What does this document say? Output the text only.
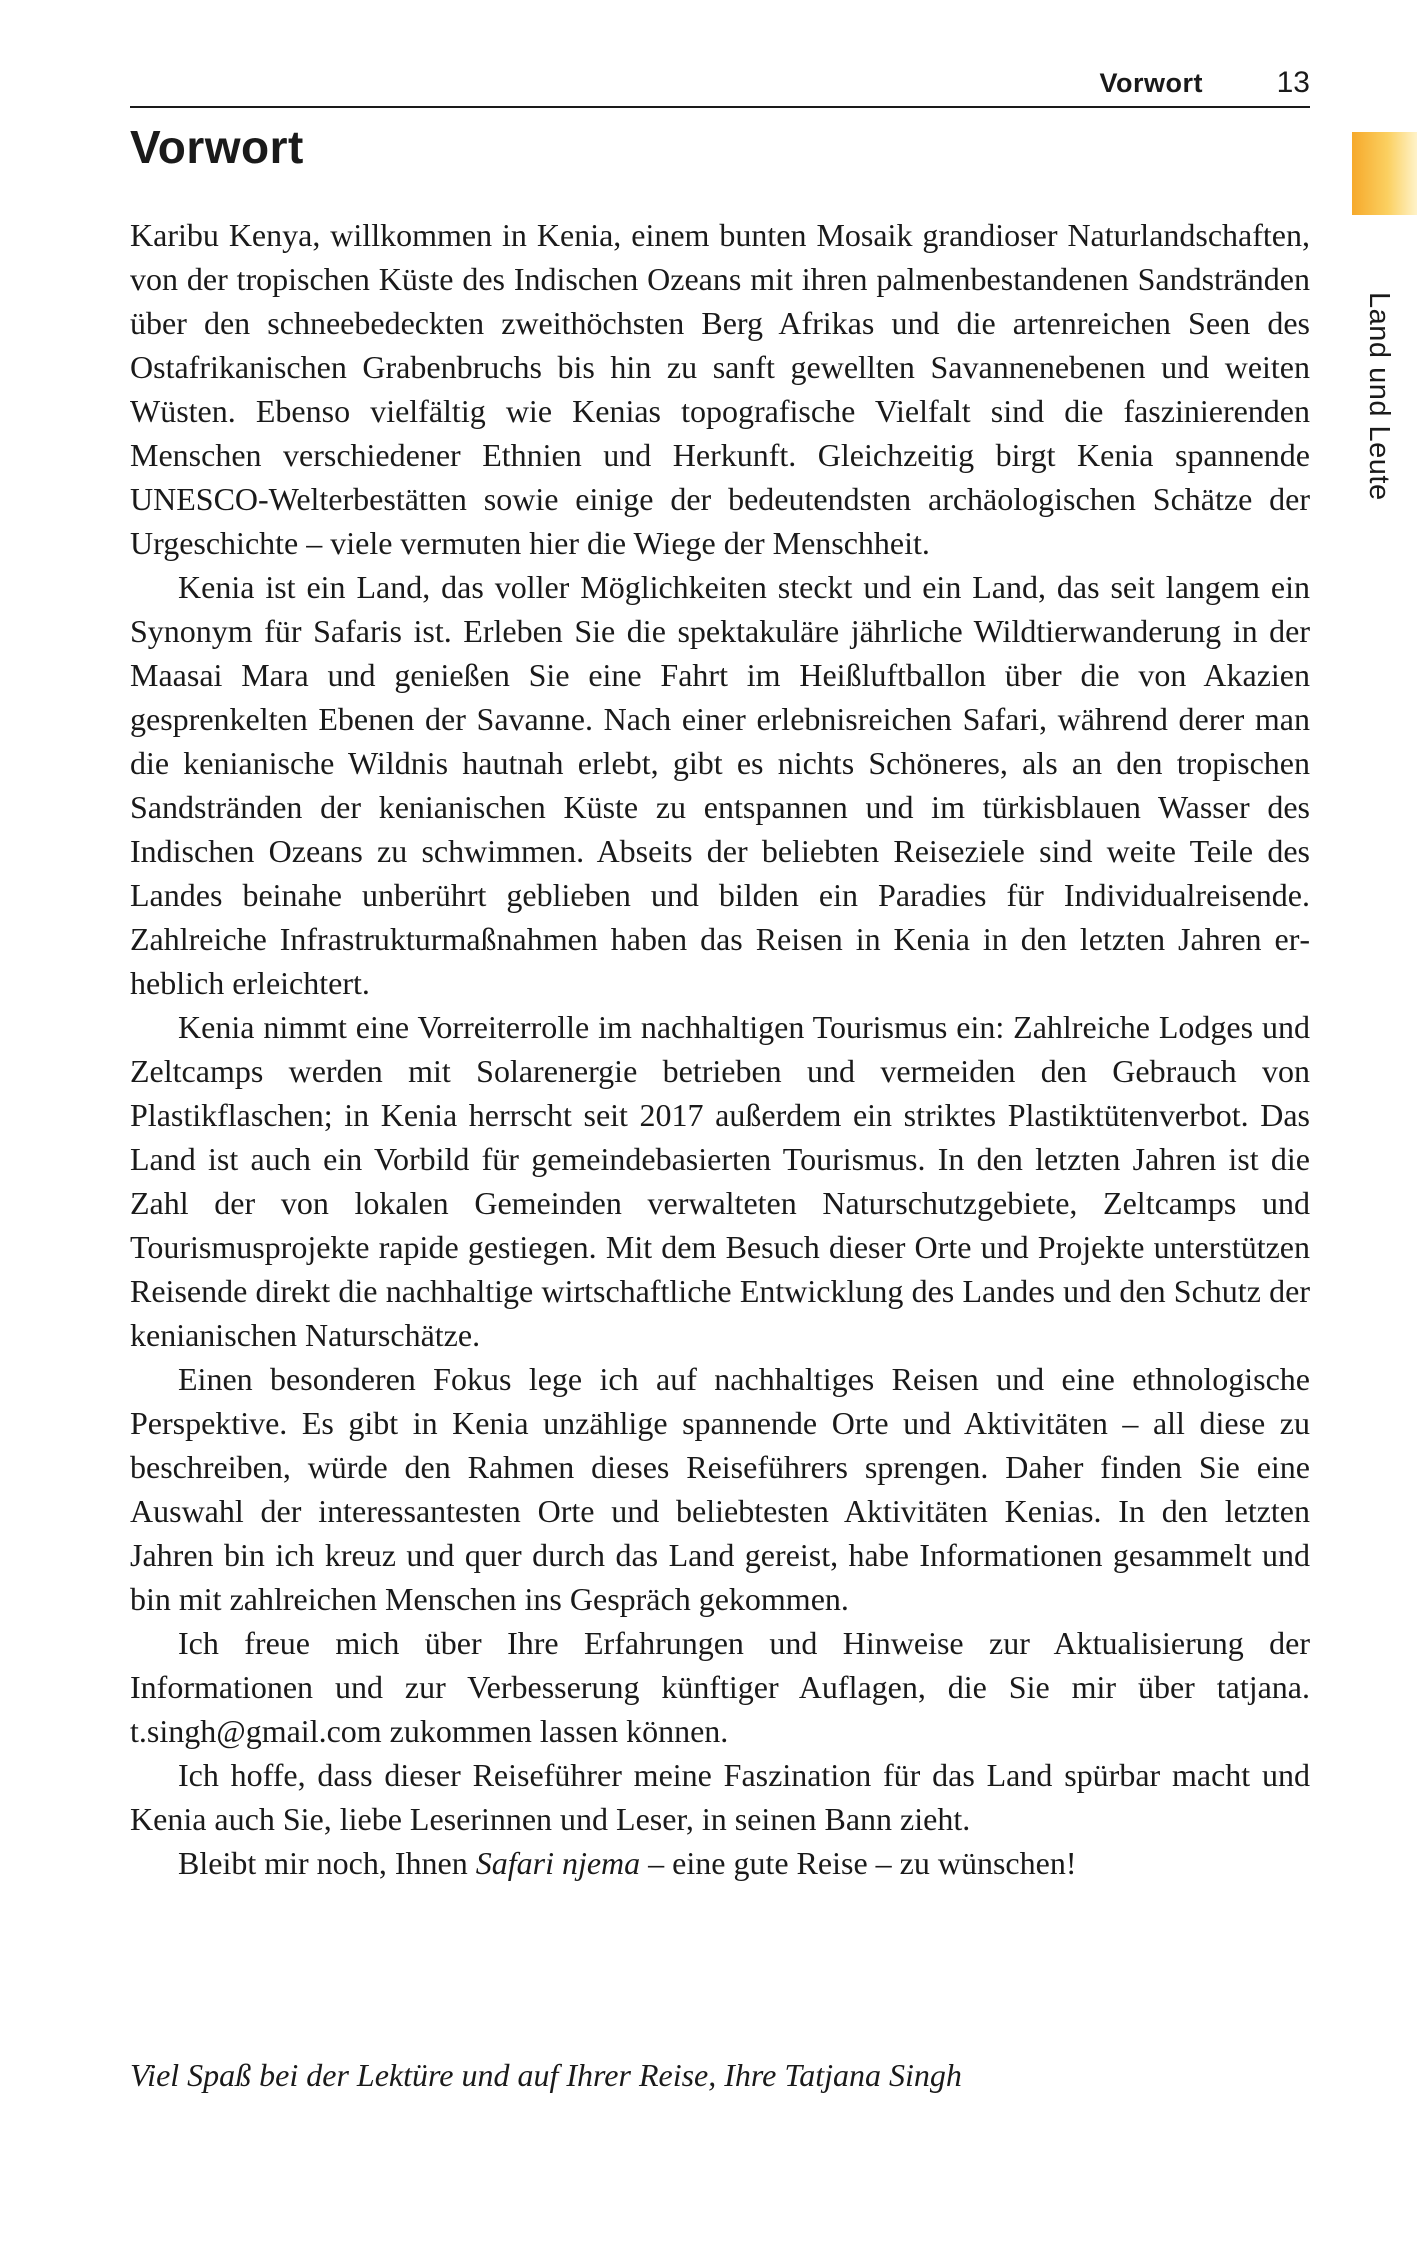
Vorwort 13
Land und Leute
Vorwort

Karibu Kenya, willkommen in Kenia, einem bunten Mosaik grandioser Naturlandschaften, von der tropischen Küste des Indischen Ozeans mit ihren palmenbestandenen Sandstränden über den schneebedeckten zweithöchsten Berg Afrikas und die artenreichen Seen des Ostafrikanischen Grabenbruchs bis hin zu sanft gewellten Savannenebenen und weiten Wüsten. Ebenso vielfältig wie Kenias topografische Vielfalt sind die faszinierenden Menschen verschiedener Ethnien und Herkunft. Gleichzeitig birgt Kenia spannende UNESCO-Welterbestätten sowie einige der bedeutendsten archäologischen Schätze der Urgeschichte – viele vermuten hier die Wiege der Menschheit.

Kenia ist ein Land, das voller Möglichkeiten steckt und ein Land, das seit langem ein Synonym für Safaris ist. Erleben Sie die spektakuläre jährliche Wildtierwanderung in der Maasai Mara und genießen Sie eine Fahrt im Heißluftballon über die von Akazien gesprenkelten Ebenen der Savanne. Nach einer erlebnisreichen Safari, während derer man die kenianische Wildnis hautnah erlebt, gibt es nichts Schöneres, als an den tropischen Sandstränden der kenianischen Küste zu entspannen und im türkisblauen Wasser des Indischen Ozeans zu schwimmen. Abseits der beliebten Reiseziele sind weite Teile des Landes beinahe unberührt geblieben und bilden ein Paradies für Individualreisende. Zahlreiche Infrastrukturmaßnahmen haben das Reisen in Kenia in den letzten Jahren erheblich erleichtert.

Kenia nimmt eine Vorreiterrolle im nachhaltigen Tourismus ein: Zahlreiche Lodges und Zeltcamps werden mit Solarenergie betrieben und vermeiden den Gebrauch von Plastikflaschen; in Kenia herrscht seit 2017 außerdem ein striktes Plastiktütenverbot. Das Land ist auch ein Vorbild für gemeindebasierten Tourismus. In den letzten Jahren ist die Zahl der von lokalen Gemeinden verwalteten Naturschutzgebiete, Zeltcamps und Tourismusprojekte rapide gestiegen. Mit dem Besuch dieser Orte und Projekte unterstützen Reisende direkt die nachhaltige wirtschaftliche Entwicklung des Landes und den Schutz der kenianischen Naturschätze.

Einen besonderen Fokus lege ich auf nachhaltiges Reisen und eine ethnologische Perspektive. Es gibt in Kenia unzählige spannende Orte und Aktivitäten – all diese zu beschreiben, würde den Rahmen dieses Reiseführers sprengen. Daher finden Sie eine Auswahl der interessantesten Orte und beliebtesten Aktivitäten Kenias. In den letzten Jahren bin ich kreuz und quer durch das Land gereist, habe Informationen gesammelt und bin mit zahlreichen Menschen ins Gespräch gekommen.

Ich freue mich über Ihre Erfahrungen und Hinweise zur Aktualisierung der Informationen und zur Verbesserung künftiger Auflagen, die Sie mir über tatjana.​t.singh@gmail.com zukommen lassen können.

Ich hoffe, dass dieser Reiseführer meine Faszination für das Land spürbar macht und Kenia auch Sie, liebe Leserinnen und Leser, in seinen Bann zieht.

Bleibt mir noch, Ihnen Safari njema – eine gute Reise – zu wünschen!

Viel Spaß bei der Lektüre und auf Ihrer Reise, Ihre Tatjana Singh
